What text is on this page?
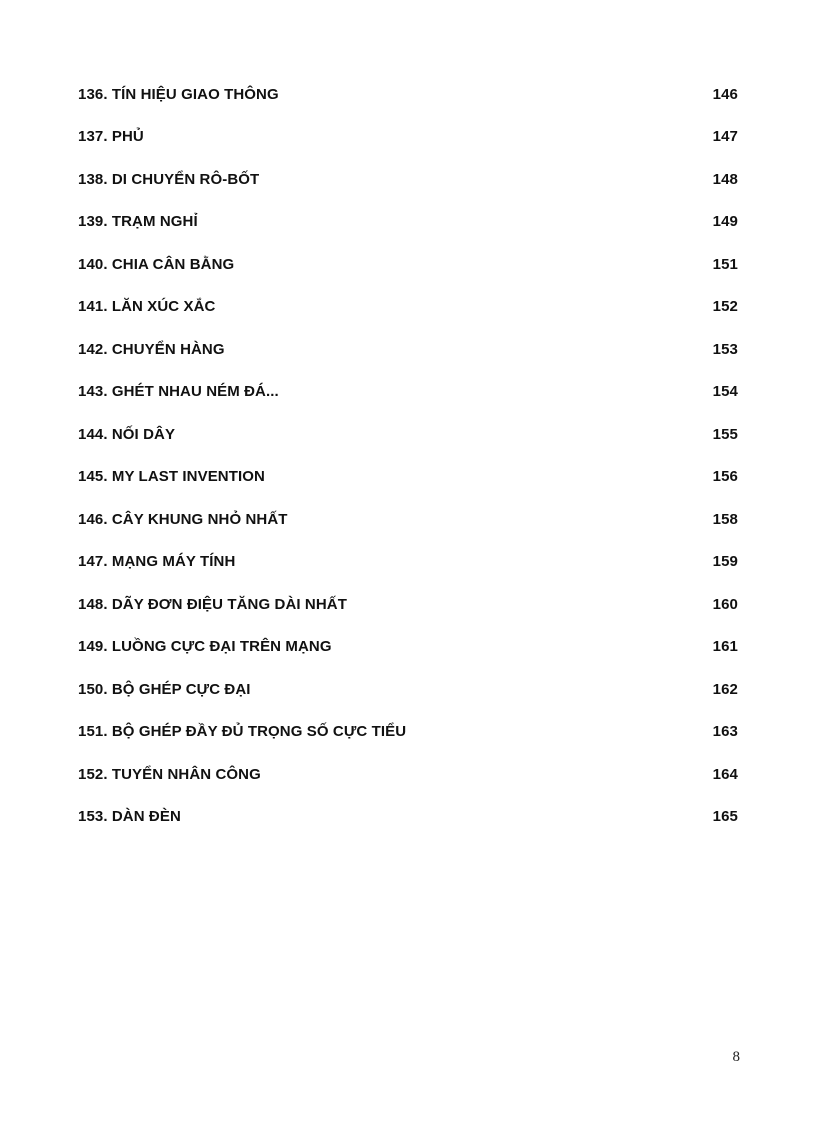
136. TÍN HIỆU GIAO THÔNG	146
137. PHỦ	147
138. DI CHUYỂN RÔ-BỐT	148
139. TRẠM NGHỈ	149
140. CHIA CÂN BẰNG	151
141. LĂN XÚC XẮC	152
142. CHUYỂN HÀNG	153
143. GHÉT NHAU NÉM ĐÁ...	154
144. NỐI DÂY	155
145. MY LAST INVENTION	156
146. CÂY KHUNG NHỎ NHẤT	158
147. MẠNG MÁY TÍNH	159
148. DÃY ĐƠN ĐIỆU TĂNG DÀI NHẤT	160
149. LUỒNG CỰC ĐẠI TRÊN MẠNG	161
150. BỘ GHÉP CỰC ĐẠI	162
151. BỘ GHÉP ĐẦY ĐỦ TRỌNG SỐ CỰC TIỂU	163
152. TUYỂN NHÂN CÔNG	164
153. DÀN ĐÈN	165
8
